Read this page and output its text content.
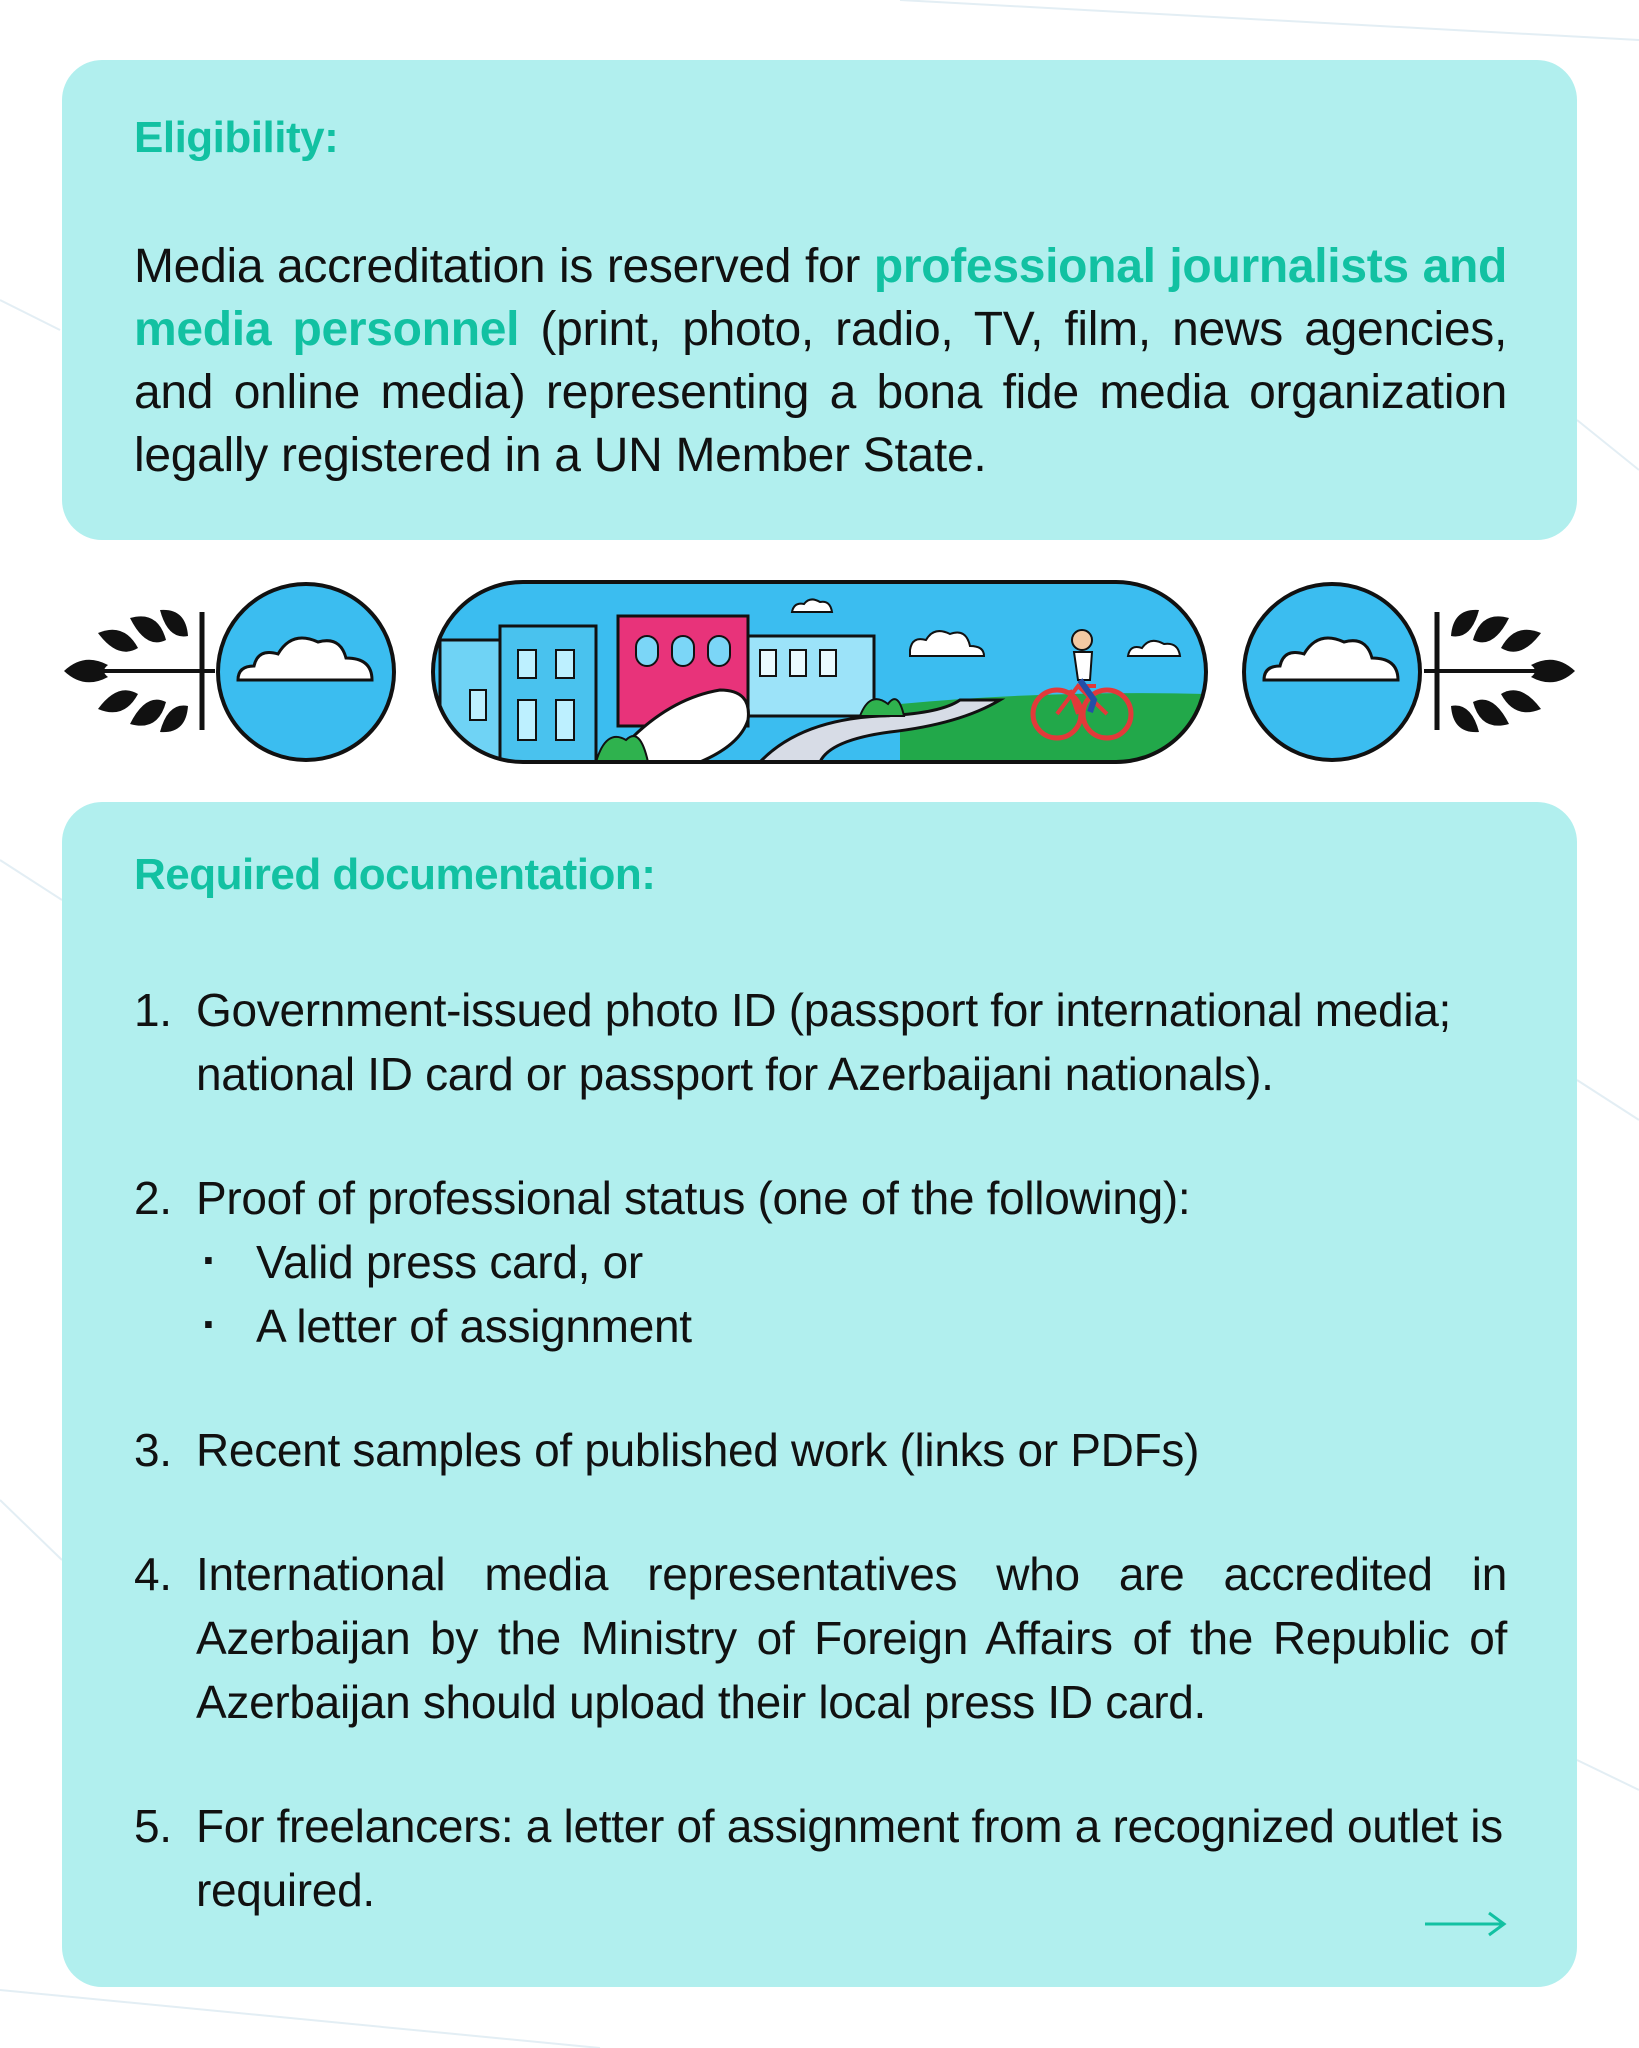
Eligibility:

Media accreditation is reserved for professional journalists and media personnel (print, photo, radio, TV, film, news agencies, and online media) representing a bona fide media organization legally registered in a UN Member State.

Required documentation:
1. Government-issued photo ID (passport for international media; national ID card or passport for Azerbaijani nationals).
2. Proof of professional status (one of the following):
· Valid press card, or
· A letter of assignment
3. Recent samples of published work (links or PDFs)
4. International media representatives who are accredited in Azerbaijan by the Ministry of Foreign Affairs of the Republic of Azerbaijan should upload their local press ID card.
5. For freelancers: a letter of assignment from a recognized outlet is required.
